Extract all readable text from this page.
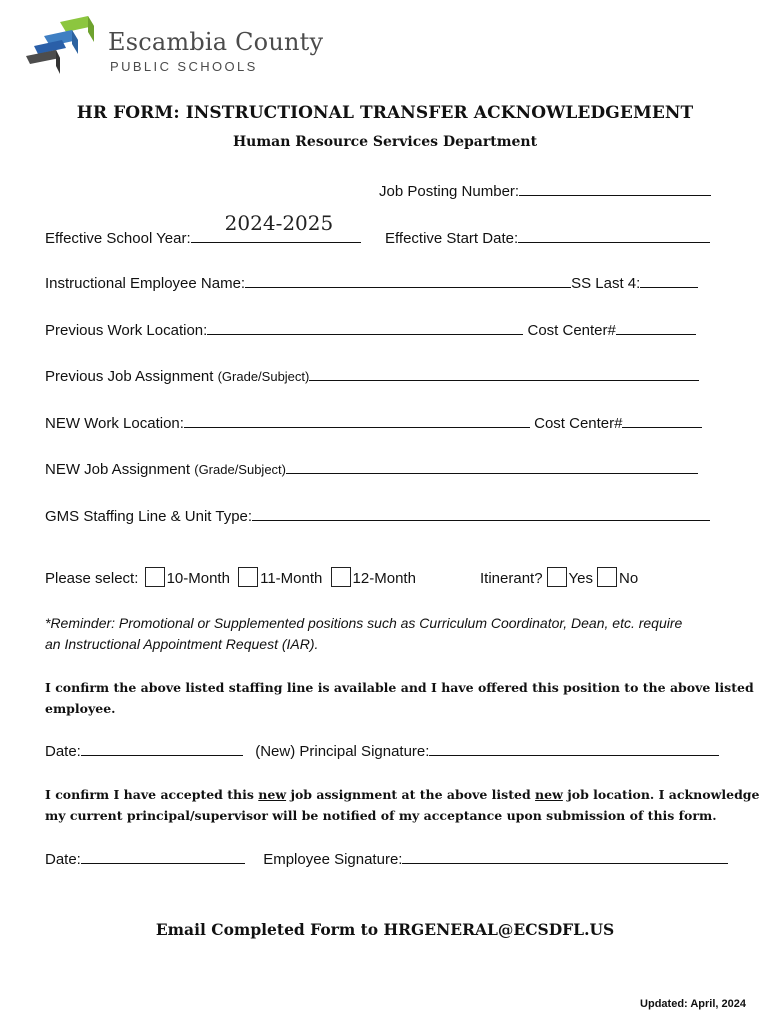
Escambia County
PUBLIC SCHOOLS
HR FORM: INSTRUCTIONAL TRANSFER ACKNOWLEDGEMENT
Human Resource Services Department
Job Posting Number:
Effective School Year:
2024-2025
Effective Start Date:
Instructional Employee Name:	SS Last 4:
Previous Work Location:	Cost Center#
Previous Job Assignment (Grade/Subject)
NEW Work Location:	Cost Center#
NEW Job Assignment (Grade/Subject)
GMS Staffing Line & Unit Type:
Please select: 10-Month 11-Month 12-Month	Itinerant? Yes No
*Reminder: Promotional or Supplemented positions such as Curriculum Coordinator, Dean, etc. require
an Instructional Appointment Request (IAR).
I confirm the above listed staffing line is available and I have offered this position to the above listed
employee.
Date:	(New) Principal Signature:
I confirm I have accepted this new job assignment at the above listed new job location. I acknowledge
my current principal/supervisor will be notified of my acceptance upon submission of this form.
Date:	Employee Signature:
Email Completed Form to HRGENERAL@ECSDFL.US
Updated: April, 2024
